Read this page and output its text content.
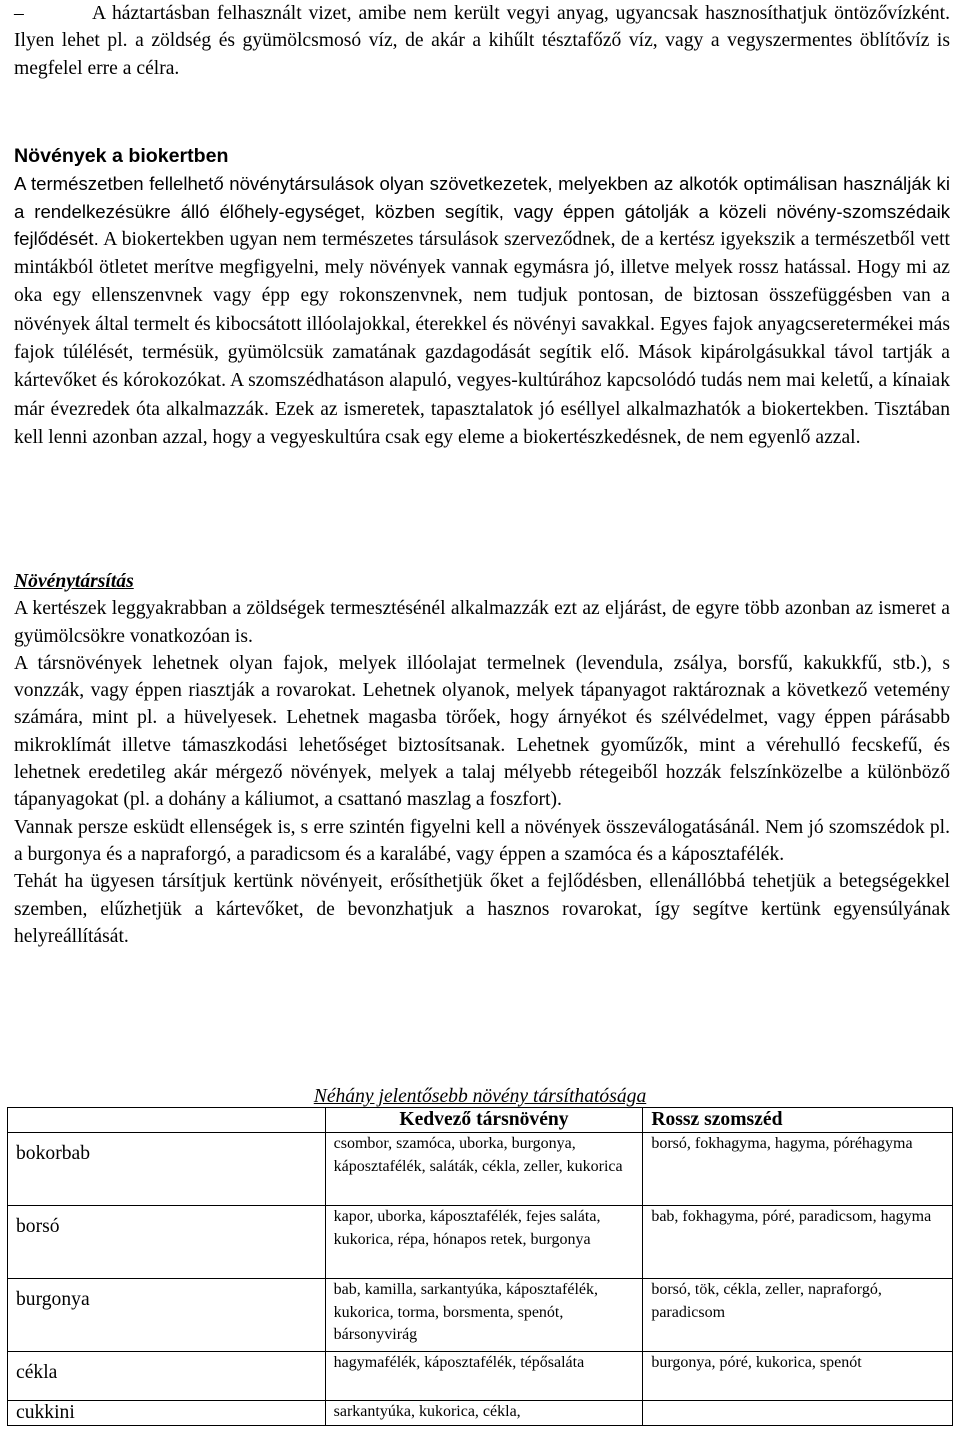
–	A háztartásban felhasznált vizet, amibe nem került vegyi anyag, ugyancsak hasznosíthatjuk öntözővízként. Ilyen lehet pl. a zöldség és gyümölcsmosó víz, de akár a kihűlt tésztafőző víz, vagy a vegyszermentes öblítővíz is megfelel erre a célra.

Növények a biokertben

A természetben fellelhető növénytársulások olyan szövetkezetek, melyekben az alkotók optimálisan használják ki a rendelkezésükre álló élőhely-egységet, közben segítik, vagy éppen gátolják a közeli növény-szomszédaik fejlődését. A biokertekben ugyan nem természetes társulások szerveződnek, de a kertész igyekszik a természetből vett mintákból ötletet merítve megfigyelni, mely növények vannak egymásra jó, illetve melyek rossz hatással. Hogy mi az oka egy ellenszenvnek vagy épp egy rokonszenvnek, nem tudjuk pontosan, de biztosan összefüggésben van a növények által termelt és kibocsátott illóolajokkal, éterekkel és növényi savakkal. Egyes fajok anyagcseretermékei más fajok túlélését, termésük, gyümölcsük zamatának gazdagodását segítik elő. Mások kipárolgásukkal távol tartják a kártevőket és kórokozókat. A szomszédhatáson alapuló, vegyes-kultúrához kapcsolódó tudás nem mai keletű, a kínaiak már évezredek óta alkalmazzák. Ezek az ismeretek, tapasztalatok jó eséllyel alkalmazhatók a biokertekben. Tisztában kell lenni azonban azzal, hogy a vegyeskultúra csak egy eleme a biokertészkedésnek, de nem egyenlő azzal.

Növénytársítás

A kertészek leggyakrabban a zöldségek termesztésénél alkalmazzák ezt az eljárást, de egyre több azonban az ismeret a gyümölcsökre vonatkozóan is.

A társnövények lehetnek olyan fajok, melyek illóolajat termelnek (levendula, zsálya, borsfű, kakukkfű, stb.), s vonzzák, vagy éppen riasztják a rovarokat. Lehetnek olyanok, melyek tápanyagot raktároznak a következő vetemény számára, mint pl. a hüvelyesek. Lehetnek magasba törőek, hogy árnyékot és szélvédelmet, vagy éppen párásabb mikroklímát illetve támaszkodási lehetőséget biztosítsanak. Lehetnek gyoműzők, mint a vérehulló fecskefű, és lehetnek eredetileg akár mérgező növények, melyek a talaj mélyebb rétegeiből hozzák felszínközelbe a különböző tápanyagokat (pl. a dohány a káliumot, a csattanó maszlag a foszfort).

Vannak persze esküdt ellenségek is, s erre szintén figyelni kell a növények összeválogatásánál. Nem jó szomszédok pl. a burgonya és a napraforgó, a paradicsom és a karalábé, vagy éppen a szamóca és a káposztafélék.

Tehát ha ügyesen társítjuk kertünk növényeit, erősíthetjük őket a fejlődésben, ellenállóbbá tehetjük a betegségekkel szemben, elűzhetjük a kártevőket, de bevonzhatjuk a hasznos rovarokat, így segítve kertünk egyensúlyának helyreállítását.

Néhány jelentősebb növény társíthatósága
	Kedvező társnövény	Rossz szomszéd
bokorbab	csombor, szamóca, uborka, burgonya, káposztafélék, saláták, cékla, zeller, kukorica	borsó, fokhagyma, hagyma, póréhagyma
borsó	kapor, uborka, káposztafélék, fejes saláta, kukorica, répa, hónapos retek, burgonya	bab, fokhagyma, póré, paradicsom, hagyma
burgonya	bab, kamilla, sarkantyúka, káposztafélék, kukorica, torma, borsmenta, spenót, bársonyvirág	borsó, tök, cékla, zeller, napraforgó, paradicsom
cékla	hagymafélék, káposztafélék, tépősaláta	burgonya, póré, kukorica, spenót
cukkini	sarkantyúka, kukorica, cékla,	
